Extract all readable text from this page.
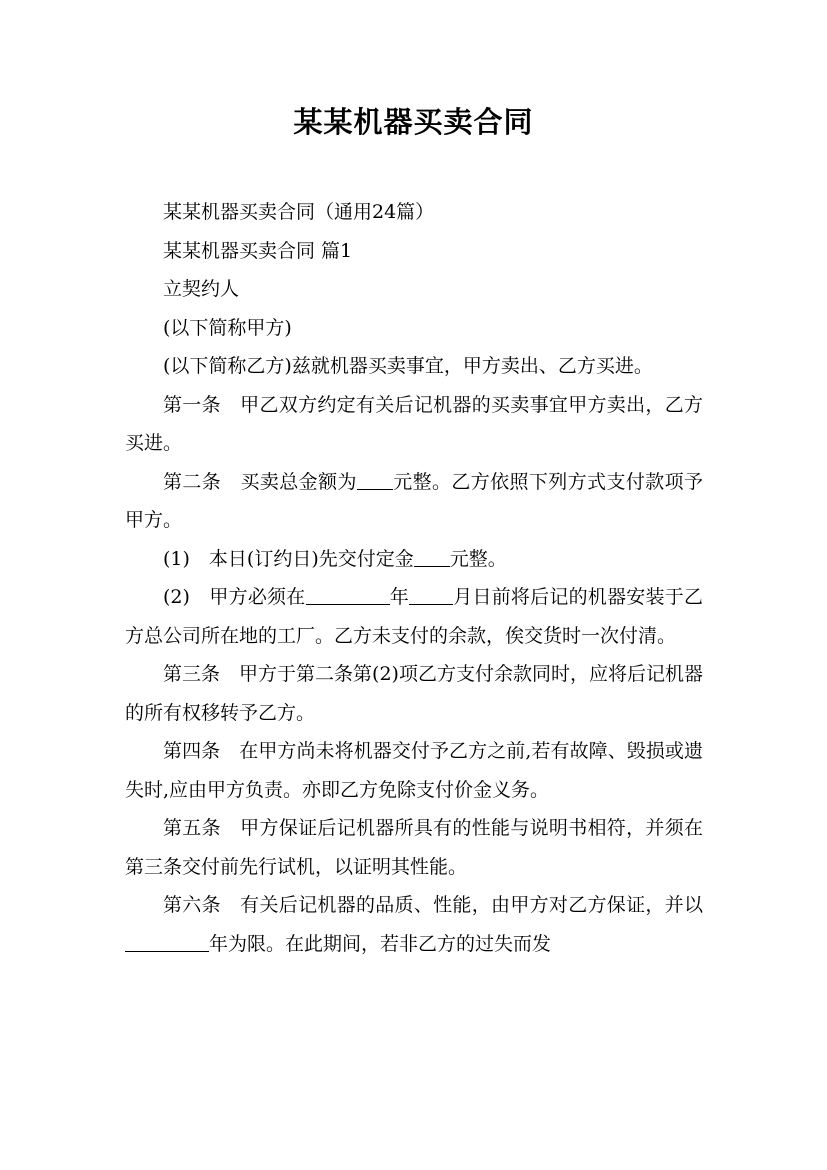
某某机器买卖合同

某某机器买卖合同（通用24篇）

某某机器买卖合同 篇1

立契约人

(以下简称甲方)

(以下简称乙方)兹就机器买卖事宜，甲方卖出、乙方买进。

第一条　甲乙双方约定有关后记机器的买卖事宜甲方卖出，乙方买进。

第二条　买卖总金额为 元整。乙方依照下列方式支付款项予甲方。

(1)　本日(订约日)先交付定金 元整。

(2)　甲方必须在	年 月日前将后记的机器安装于乙方总公司所在地的工厂。乙方未支付的余款，俟交货时一次付清。

第三条　甲方于第二条第(2)项乙方支付余款同时，应将后记机器的所有权移转予乙方。

第四条　在甲方尚未将机器交付予乙方之前,若有故障、毁损或遗失时,应由甲方负责。亦即乙方免除支付价金义务。

第五条　甲方保证后记机器所具有的性能与说明书相符，并须在第三条交付前先行试机，以证明其性能。

第六条　有关后记机器的品质、性能，由甲方对乙方保证，并以年为限。在此期间，若非乙方的过失而发
